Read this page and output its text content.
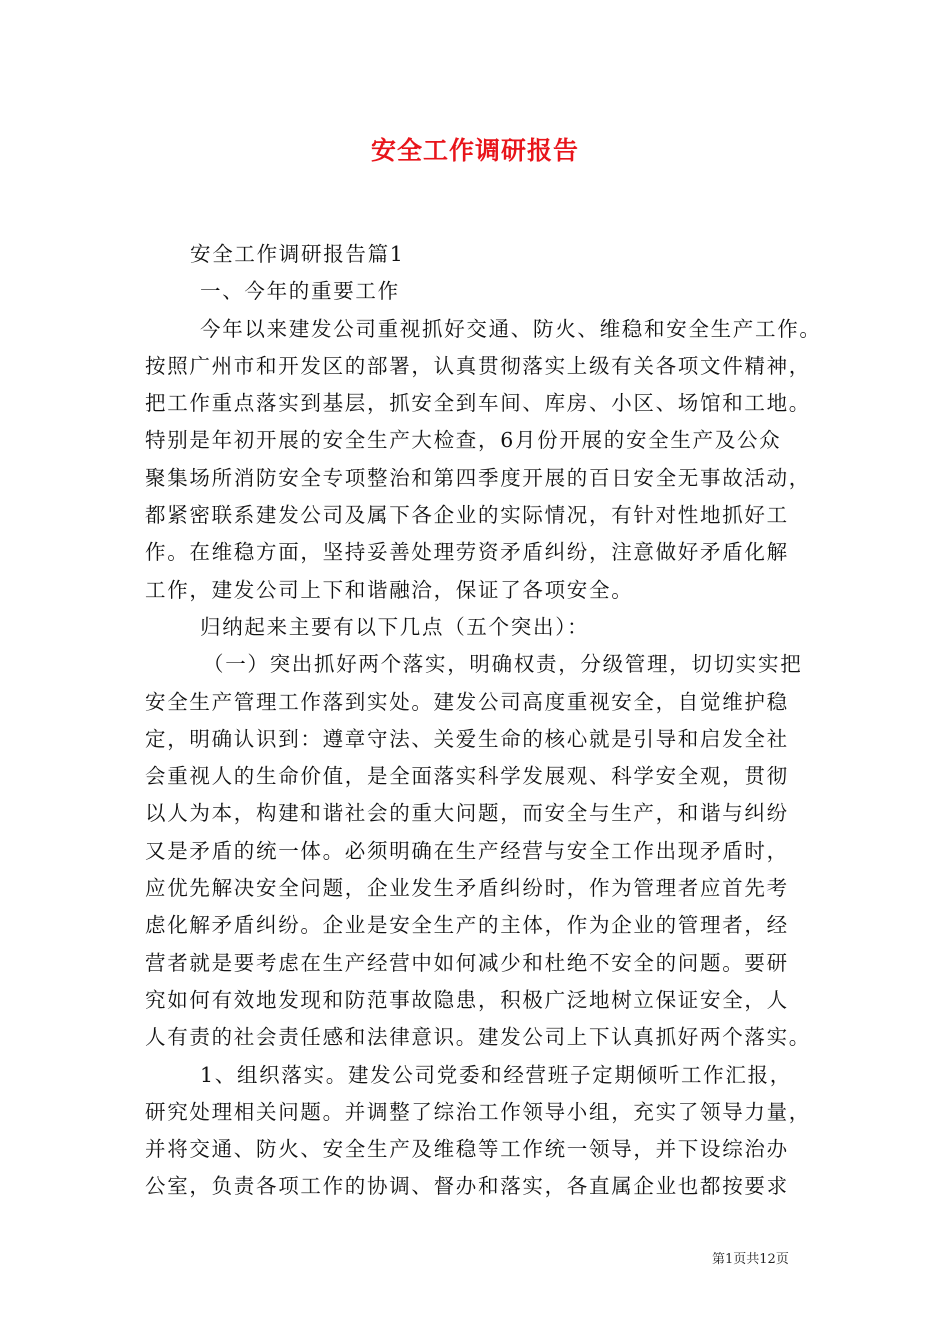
安全工作调研报告
安全工作调研报告篇1
一、今年的重要工作
今年以来建发公司重视抓好交通、防火、维稳和安全生产工作。
按照广州市和开发区的部署，认真贯彻落实上级有关各项文件精神，
把工作重点落实到基层，抓安全到车间、库房、小区、场馆和工地。
特别是年初开展的安全生产大检查，6月份开展的安全生产及公众
聚集场所消防安全专项整治和第四季度开展的百日安全无事故活动，
都紧密联系建发公司及属下各企业的实际情况，有针对性地抓好工
作。在维稳方面，坚持妥善处理劳资矛盾纠纷，注意做好矛盾化解
工作，建发公司上下和谐融洽，保证了各项安全。
归纳起来主要有以下几点（五个突出）：
（一）突出抓好两个落实，明确权责，分级管理，切切实实把
安全生产管理工作落到实处。建发公司高度重视安全，自觉维护稳
定，明确认识到：遵章守法、关爱生命的核心就是引导和启发全社
会重视人的生命价值，是全面落实科学发展观、科学安全观，贯彻
以人为本，构建和谐社会的重大问题，而安全与生产，和谐与纠纷
又是矛盾的统一体。必须明确在生产经营与安全工作出现矛盾时，
应优先解决安全问题，企业发生矛盾纠纷时，作为管理者应首先考
虑化解矛盾纠纷。企业是安全生产的主体，作为企业的管理者，经
营者就是要考虑在生产经营中如何减少和杜绝不安全的问题。要研
究如何有效地发现和防范事故隐患，积极广泛地树立保证安全，人
人有责的社会责任感和法律意识。建发公司上下认真抓好两个落实。
1、组织落实。建发公司党委和经营班子定期倾听工作汇报，
研究处理相关问题。并调整了综治工作领导小组，充实了领导力量，
并将交通、防火、安全生产及维稳等工作统一领导，并下设综治办
公室，负责各项工作的协调、督办和落实，各直属企业也都按要求
第1页共12页
